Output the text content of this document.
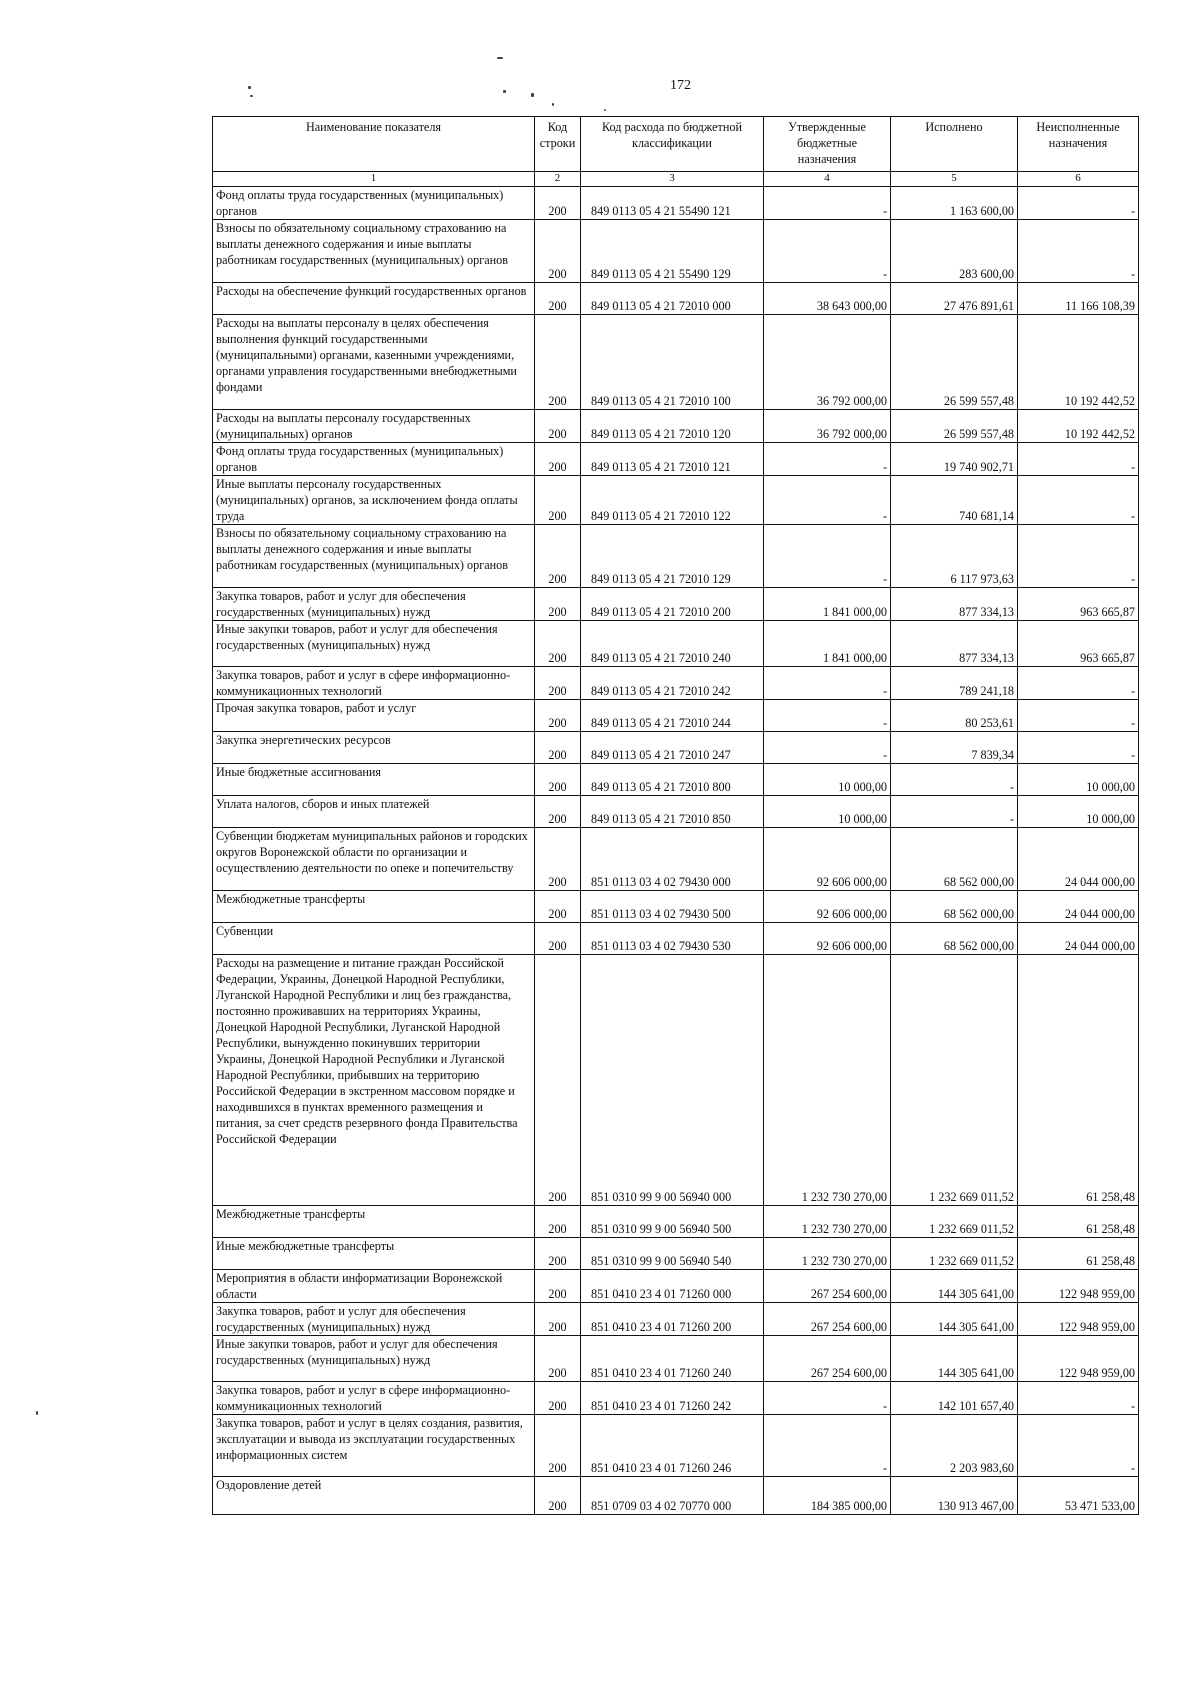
172
Наименование показателя	Код строки	Код расхода по бюджетной классификации	Утвержденные бюджетные назначения	Исполнено	Неисполненные назначения
1	2	3	4	5	6
Фонд оплаты труда государственных (муниципальных) органов	200	849 0113 05 4 21 55490 121	-	1 163 600,00	-
Взносы по обязательному социальному страхованию на выплаты денежного содержания и иные выплаты работникам государственных (муниципальных) органов	200	849 0113 05 4 21 55490 129	-	283 600,00	-
Расходы на обеспечение функций государственных органов	200	849 0113 05 4 21 72010 000	38 643 000,00	27 476 891,61	11 166 108,39
Расходы на выплаты персоналу в целях обеспечения выполнения функций государственными (муниципальными) органами, казенными учреждениями, органами управления государственными внебюджетными фондами	200	849 0113 05 4 21 72010 100	36 792 000,00	26 599 557,48	10 192 442,52
Расходы на выплаты персоналу государственных (муниципальных) органов	200	849 0113 05 4 21 72010 120	36 792 000,00	26 599 557,48	10 192 442,52
Фонд оплаты труда государственных (муниципальных) органов	200	849 0113 05 4 21 72010 121	-	19 740 902,71	-
Иные выплаты персоналу государственных (муниципальных) органов, за исключением фонда оплаты труда	200	849 0113 05 4 21 72010 122	-	740 681,14	-
Взносы по обязательному социальному страхованию на выплаты денежного содержания и иные выплаты работникам государственных (муниципальных) органов	200	849 0113 05 4 21 72010 129	-	6 117 973,63	-
Закупка товаров, работ и услуг для обеспечения государственных (муниципальных) нужд	200	849 0113 05 4 21 72010 200	1 841 000,00	877 334,13	963 665,87
Иные закупки товаров, работ и услуг для обеспечения государственных (муниципальных) нужд	200	849 0113 05 4 21 72010 240	1 841 000,00	877 334,13	963 665,87
Закупка товаров, работ и услуг в сфере информационно-коммуникационных технологий	200	849 0113 05 4 21 72010 242	-	789 241,18	-
Прочая закупка товаров, работ и услуг	200	849 0113 05 4 21 72010 244	-	80 253,61	-
Закупка энергетических ресурсов	200	849 0113 05 4 21 72010 247	-	7 839,34	-
Иные бюджетные ассигнования	200	849 0113 05 4 21 72010 800	10 000,00	-	10 000,00
Уплата налогов, сборов и иных платежей	200	849 0113 05 4 21 72010 850	10 000,00	-	10 000,00
Субвенции бюджетам муниципальных районов и городских округов Воронежской области по организации и осуществлению деятельности по опеке и попечительству	200	851 0113 03 4 02 79430 000	92 606 000,00	68 562 000,00	24 044 000,00
Межбюджетные трансферты	200	851 0113 03 4 02 79430 500	92 606 000,00	68 562 000,00	24 044 000,00
Субвенции	200	851 0113 03 4 02 79430 530	92 606 000,00	68 562 000,00	24 044 000,00
Расходы на размещение и питание граждан Российской Федерации, Украины, Донецкой Народной Республики, Луганской Народной Республики и лиц без гражданства, постоянно проживавших на территориях Украины, Донецкой Народной Республики, Луганской Народной Республики, вынужденно покинувших территории Украины, Донецкой Народной Республики и Луганской Народной Республики, прибывших на территорию Российской Федерации в экстренном массовом порядке и находившихся в пунктах временного размещения и питания, за счет средств резервного фонда Правительства Российской Федерации	200	851 0310 99 9 00 56940 000	1 232 730 270,00	1 232 669 011,52	61 258,48
Межбюджетные трансферты	200	851 0310 99 9 00 56940 500	1 232 730 270,00	1 232 669 011,52	61 258,48
Иные межбюджетные трансферты	200	851 0310 99 9 00 56940 540	1 232 730 270,00	1 232 669 011,52	61 258,48
Мероприятия в области информатизации Воронежской области	200	851 0410 23 4 01 71260 000	267 254 600,00	144 305 641,00	122 948 959,00
Закупка товаров, работ и услуг для обеспечения государственных (муниципальных) нужд	200	851 0410 23 4 01 71260 200	267 254 600,00	144 305 641,00	122 948 959,00
Иные закупки товаров, работ и услуг для обеспечения государственных (муниципальных) нужд	200	851 0410 23 4 01 71260 240	267 254 600,00	144 305 641,00	122 948 959,00
Закупка товаров, работ и услуг в сфере информационно-коммуникационных технологий	200	851 0410 23 4 01 71260 242	-	142 101 657,40	-
Закупка товаров, работ и услуг в целях создания, развития, эксплуатации и вывода из эксплуатации государственных информационных систем	200	851 0410 23 4 01 71260 246	-	2 203 983,60	-
Оздоровление детей	200	851 0709 03 4 02 70770 000	184 385 000,00	130 913 467,00	53 471 533,00
